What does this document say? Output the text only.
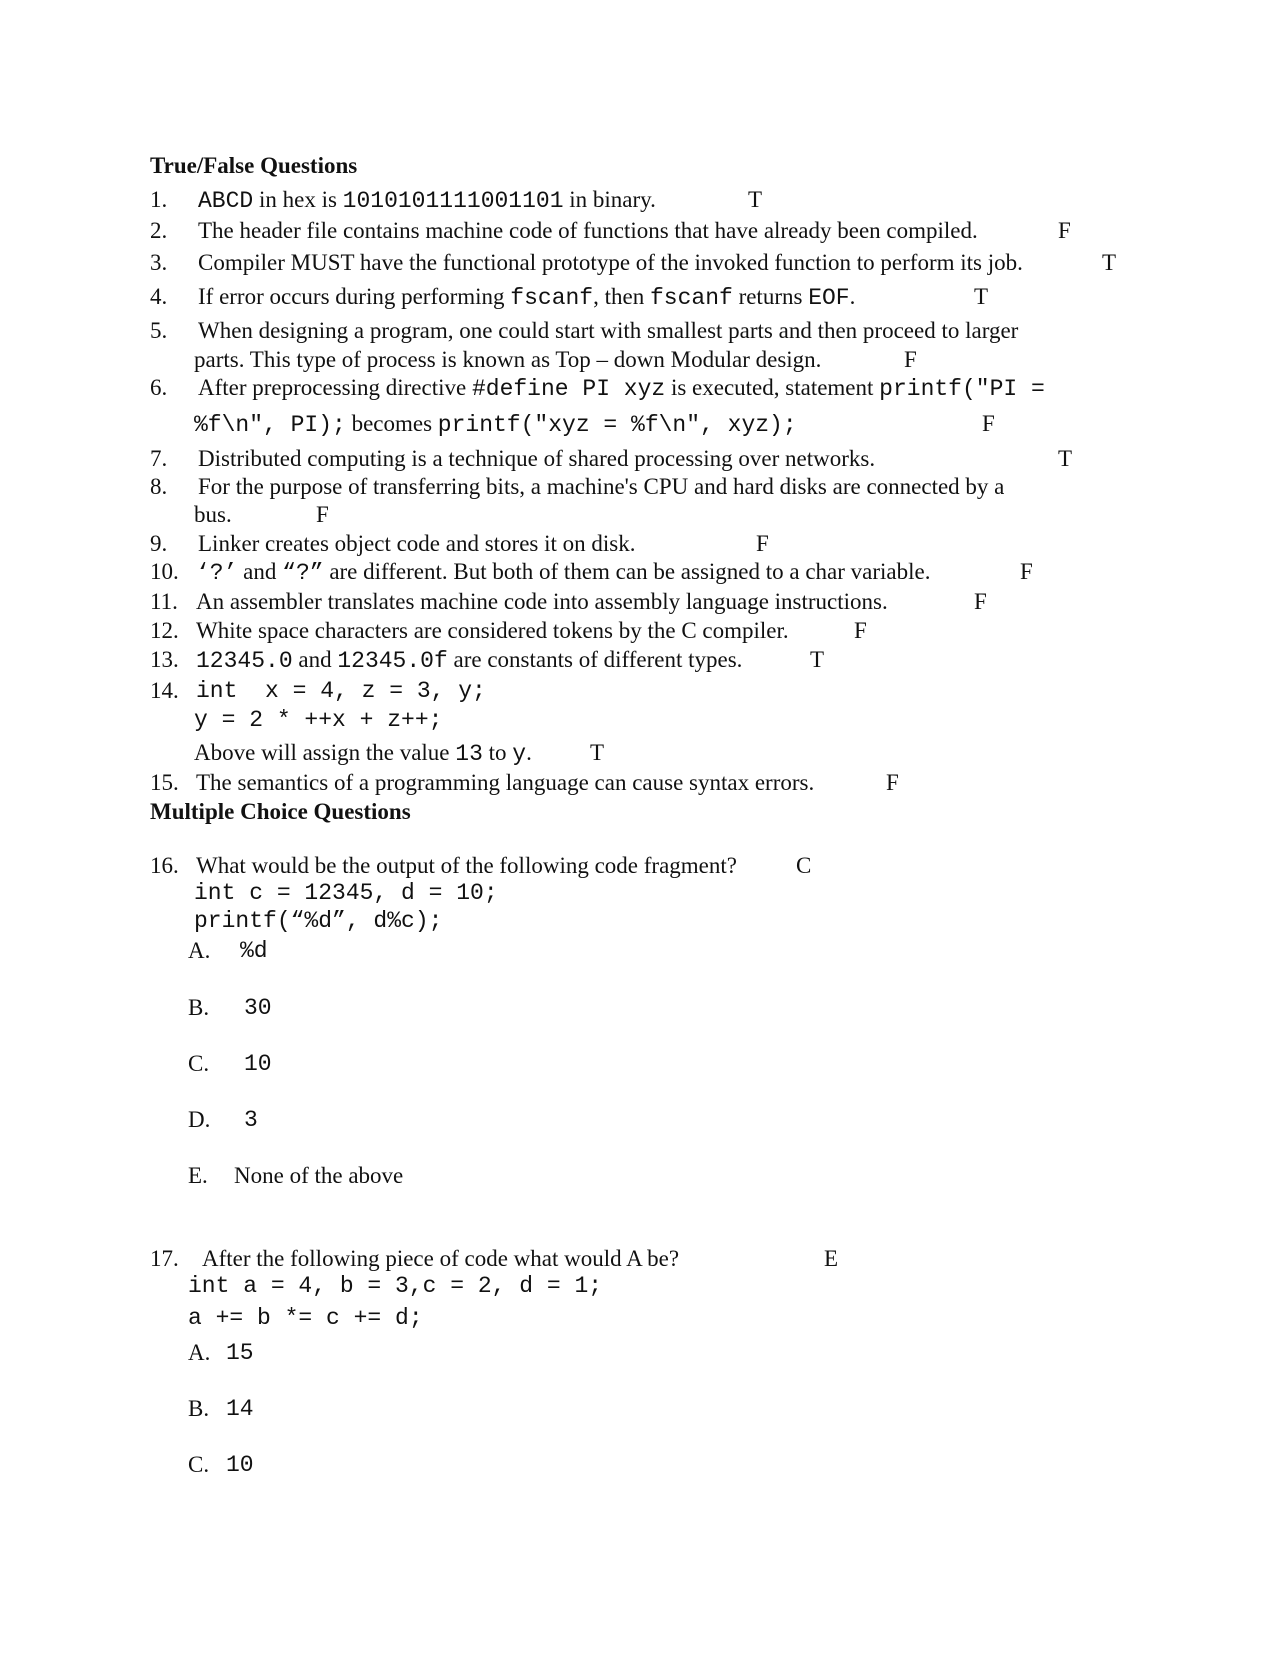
True/False Questions
1. ABCD in hex is 1010101111001101 in binary.	T
2. The header file contains machine code of functions that have already been compiled.	F
3. Compiler MUST have the functional prototype of the invoked function to perform its job.	T
4. If error occurs during performing fscanf, then fscanf returns EOF.	T
5. When designing a program, one could start with smallest parts and then proceed to larger
parts. This type of process is known as Top – down Modular design.	F
6. After preprocessing directive #define PI xyz is executed, statement printf("PI =
%f\n", PI); becomes printf("xyz = %f\n", xyz);	F
7. Distributed computing is a technique of shared processing over networks.	T
8. For the purpose of transferring bits, a machine's CPU and hard disks are connected by a
bus.	F
9. Linker creates object code and stores it on disk.	F
10. ‘?’ and “?” are different. But both of them can be assigned to a char variable.	F
11. An assembler translates machine code into assembly language instructions.	F
12. White space characters are considered tokens by the C compiler.	F
13. 12345.0 and 12345.0f are constants of different types.	T
14. int  x = 4, z = 3, y;
y = 2 * ++x + z++;
Above will assign the value 13 to y.	T
15. The semantics of a programming language can cause syntax errors.	F
Multiple Choice Questions
16. What would be the output of the following code fragment?	C
int c = 12345, d = 10;
printf(“%d”, d%c);
A. %d
B. 30
C. 10
D. 3
E. None of the above
17. After the following piece of code what would A be?	E
int a = 4, b = 3,c = 2, d = 1;
a += b *= c += d;
A. 15
B. 14
C. 10
